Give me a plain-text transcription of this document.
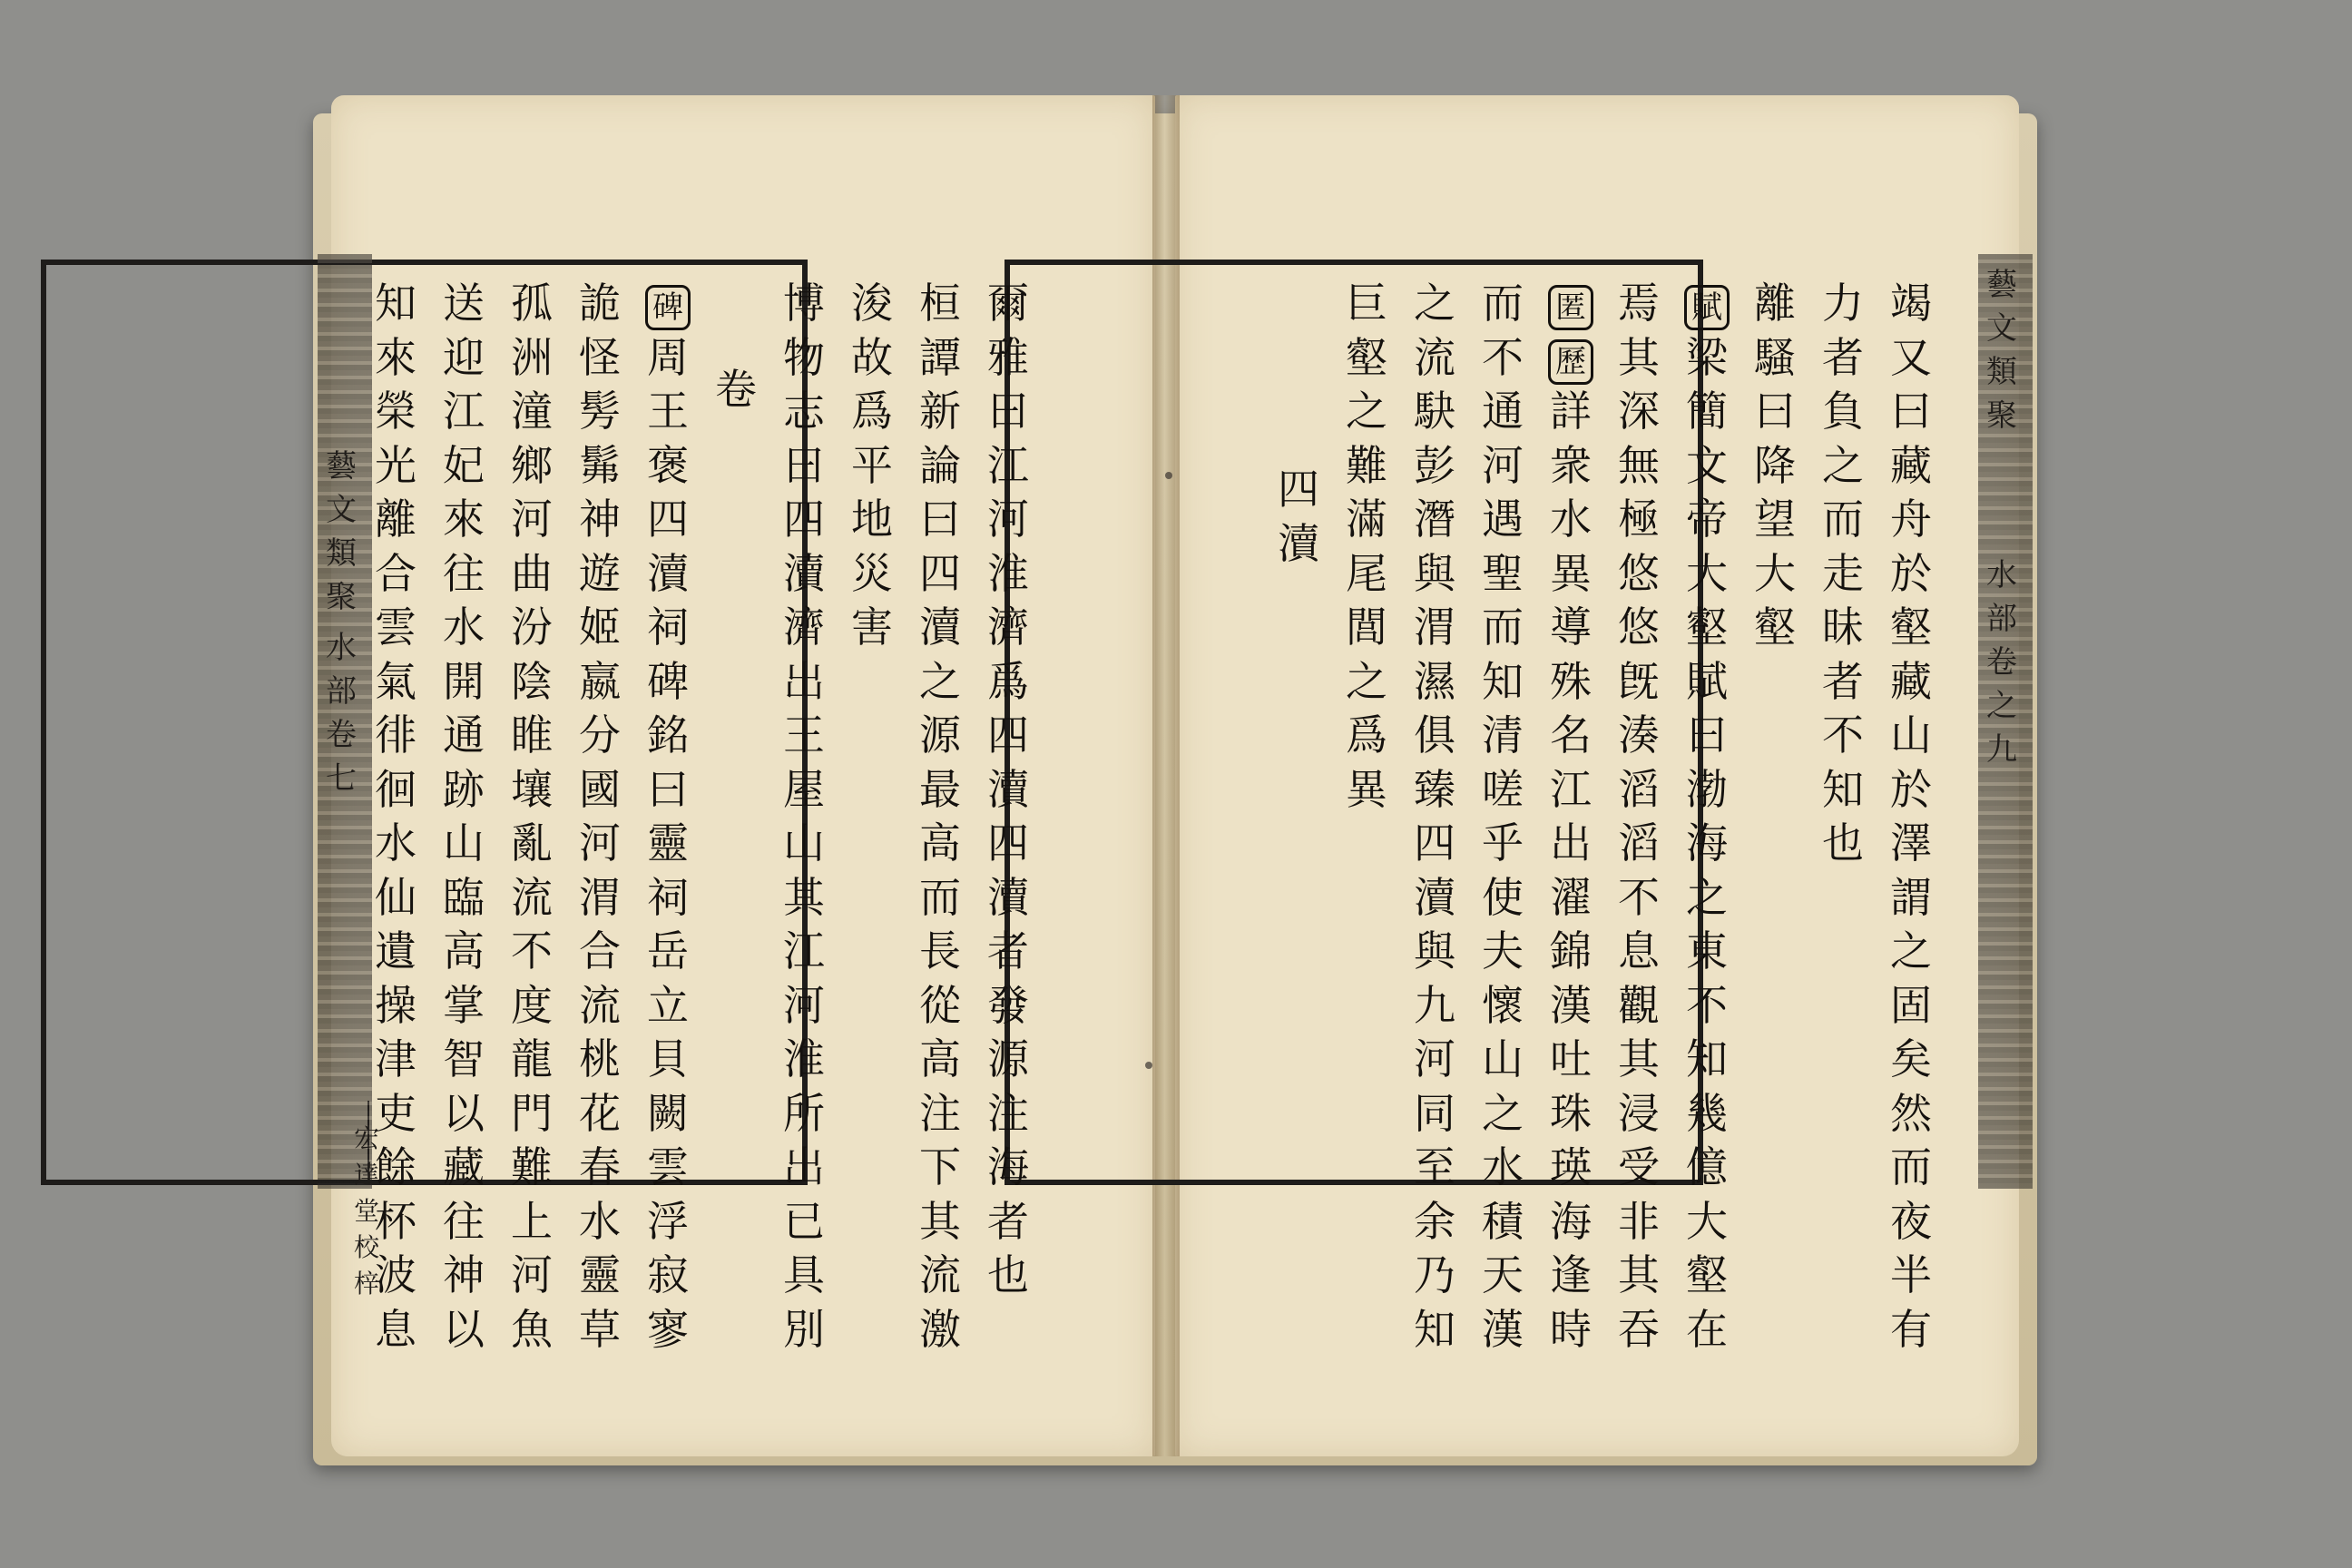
藝
文
類
聚
水
部
卷
七
藝
文
類
聚
水
部
卷
之
九
宏
達
堂
校
梓
爾
雅
曰
江
河
淮
濟
爲
四
瀆
四
瀆
者
發
源
注
海
者
也
桓
譚
新
論
曰
四
瀆
之
源
最
高
而
長
從
高
注
下
其
流
激
浚
故
爲
平
地
災
害
博
物
志
曰
四
瀆
濟
出
王
屋
山
其
江
河
淮
所
出
已
具
別
卷
碑
周
王
褒
四
瀆
祠
碑
銘
曰
靈
祠
岳
立
貝
闕
雲
浮
寂
寥
詭
怪
髣
髴
神
遊
姬
嬴
分
國
河
渭
合
流
桃
花
春
水
靈
草
孤
洲
潼
鄉
河
曲
汾
陰
睢
壤
亂
流
不
度
龍
門
難
上
河
魚
送
迎
江
妃
來
往
水
開
通
跡
山
臨
高
掌
智
以
藏
往
神
以
知
來
榮
光
離
合
雲
氣
徘
徊
水
仙
遺
操
津
吏
餘
杯
波
息
竭
又
曰
藏
舟
於
壑
藏
山
於
澤
謂
之
固
矣
然
而
夜
半
有
力
者
負
之
而
走
昧
者
不
知
也
離
騷
曰
降
望
大
壑
賦
梁
簡
文
帝
大
壑
賦
曰
渤
海
之
東
不
知
幾
億
大
壑
在
焉
其
深
無
極
悠
悠
旣
湊
滔
滔
不
息
觀
其
浸
受
非
其
吞
匿
歷
詳
衆
水
異
導
殊
名
江
出
濯
錦
漢
吐
珠
瑛
海
逢
時
而
不
通
河
遇
聖
而
知
清
嗟
乎
使
夫
懷
山
之
水
積
天
漢
之
流
駃
彭
潛
與
渭
濕
俱
臻
四
瀆
與
九
河
同
至
余
乃
知
巨
壑
之
難
滿
尾
閭
之
爲
異
四
瀆
